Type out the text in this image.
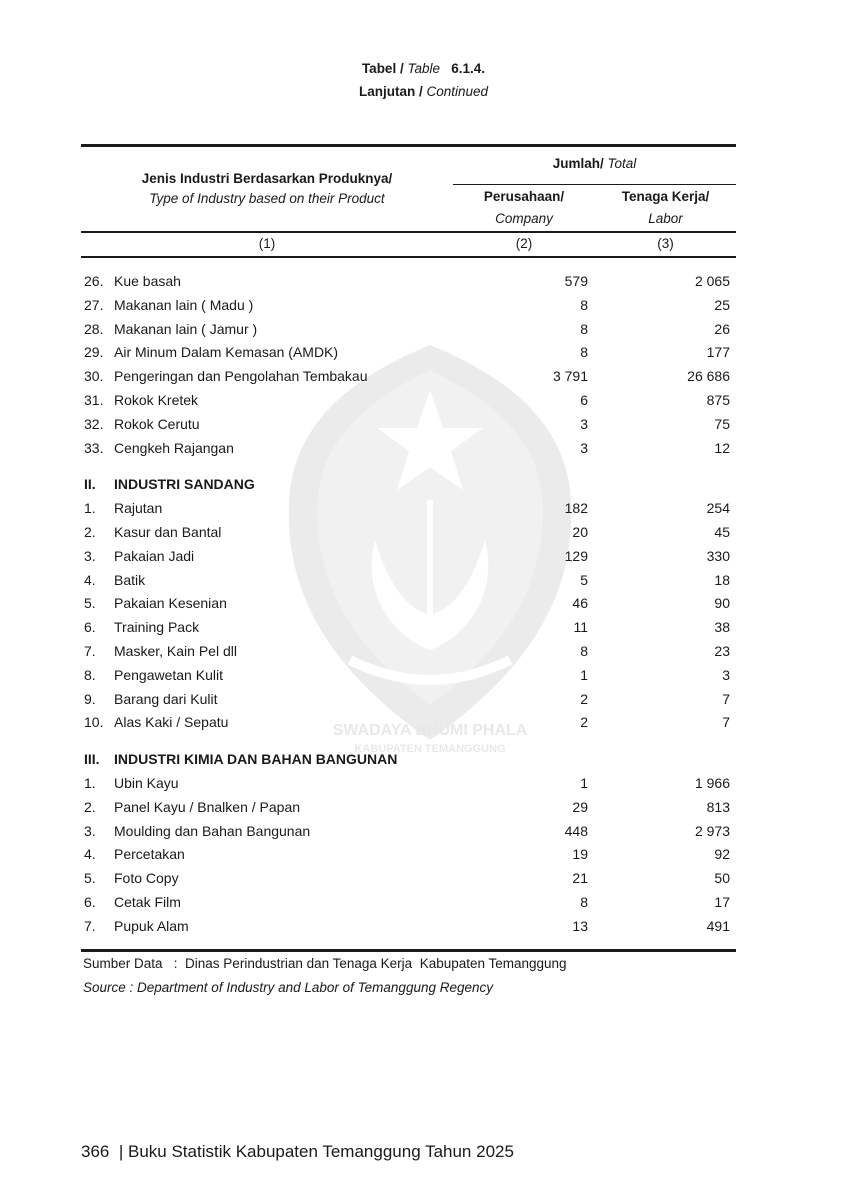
SWADAYA BHUMI PHALA
KABUPATEN TEMANGGUNG
Tabel / Table 6.1.4.
Lanjutan / Continued
Jenis Industri Berdasarkan Produknya/
Type of Industry based on their Product
Jumlah/ Total
Perusahaan/
Company
Tenaga Kerja/
Labor
(1)	(2)	(3)
26. Kue basah	579	2 065
27. Makanan lain ( Madu )	8	25
28. Makanan lain ( Jamur )	8	26
29. Air Minum Dalam Kemasan (AMDK)	8	177
30. Pengeringan dan Pengolahan Tembakau	3 791	26 686
31. Rokok Kretek	6	875
32. Rokok Cerutu	3	75
33. Cengkeh Rajangan	3	12
II. INDUSTRI SANDANG
1. Rajutan	182	254
2. Kasur dan Bantal	20	45
3. Pakaian Jadi	129	330
4. Batik	5	18
5. Pakaian Kesenian	46	90
6. Training Pack	11	38
7. Masker, Kain Pel dll	8	23
8. Pengawetan Kulit	1	3
9. Barang dari Kulit	2	7
10. Alas Kaki / Sepatu	2	7
III. INDUSTRI KIMIA DAN BAHAN BANGUNAN
1. Ubin Kayu	1	1 966
2. Panel Kayu / Bnalken / Papan	29	813
3. Moulding dan Bahan Bangunan	448	2 973
4. Percetakan	19	92
5. Foto Copy	21	50
6. Cetak Film	8	17
7. Pupuk Alam	13	491
Sumber Data   :  Dinas Perindustrian dan Tenaga Kerja  Kabupaten Temanggung
Source : Department of Industry and Labor of Temanggung Regency
366 | Buku Statistik Kabupaten Temanggung Tahun 2025
